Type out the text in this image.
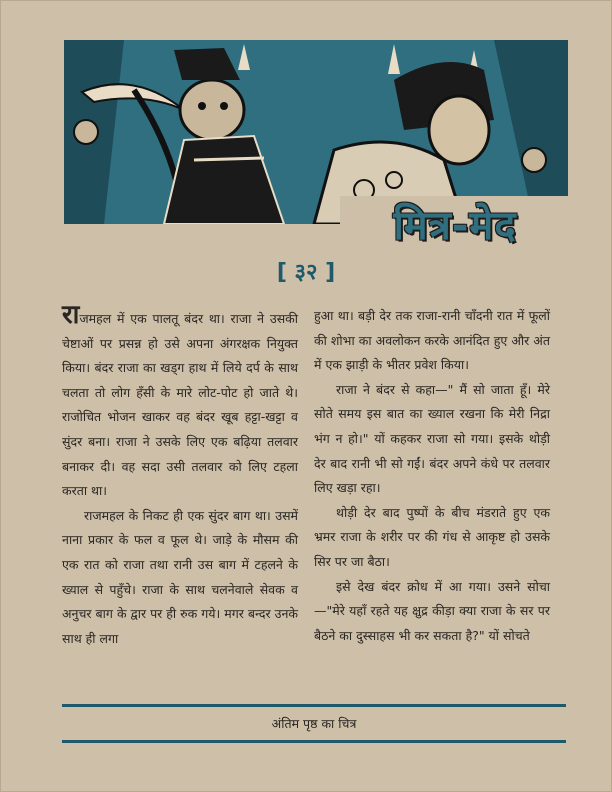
मित्र-मेद
[ ३२ ]

राजमहल में एक पालतू बंदर था। राजा ने उसकी चेष्टाओं पर प्रसन्न हो उसे अपना अंगरक्षक नियुक्त किया। बंदर राजा का खड्ग हाथ में लिये दर्प के साथ चलता तो लोग हँसी के मारे लोट-पोट हो जाते थे। राजोचित भोजन खाकर वह बंदर खूब हट्टा-खट्टा व सुंदर बना। राजा ने उसके लिए एक बढ़िया तलवार बनाकर दी। वह सदा उसी तलवार को लिए टहला करता था।

राजमहल के निकट ही एक सुंदर बाग था। उसमें नाना प्रकार के फल व फूल थे। जाड़े के मौसम की एक रात को राजा तथा रानी उस बाग में टहलने के ख्याल से पहुँचे। राजा के साथ चलनेवाले सेवक व अनुचर बाग के द्वार पर ही रुक गये। मगर बन्दर उनके साथ ही लगा

हुआ था। बड़ी देर तक राजा-रानी चाँदनी रात में फूलों की शोभा का अवलोकन करके आनंदित हुए और अंत में एक झाड़ी के भीतर प्रवेश किया।

राजा ने बंदर से कहा—" मैं सो जाता हूँ। मेरे सोते समय इस बात का ख्याल रखना कि मेरी निद्रा भंग न हो।" यों कहकर राजा सो गया। इसके थोड़ी देर बाद रानी भी सो गईं। बंदर अपने कंधे पर तलवार लिए खड़ा रहा।

थोड़ी देर बाद पुष्पों के बीच मंडराते हुए एक भ्रमर राजा के शरीर पर की गंध से आकृष्ट हो उसके सिर पर जा बैठा।

इसे देख बंदर क्रोध में आ गया। उसने सोचा—"मेरे यहाँ रहते यह क्षुद्र कीड़ा क्या राजा के सर पर बैठने का दुस्साहस भी कर सकता है?" यों सोचते

अंतिम पृष्ठ का चित्र
